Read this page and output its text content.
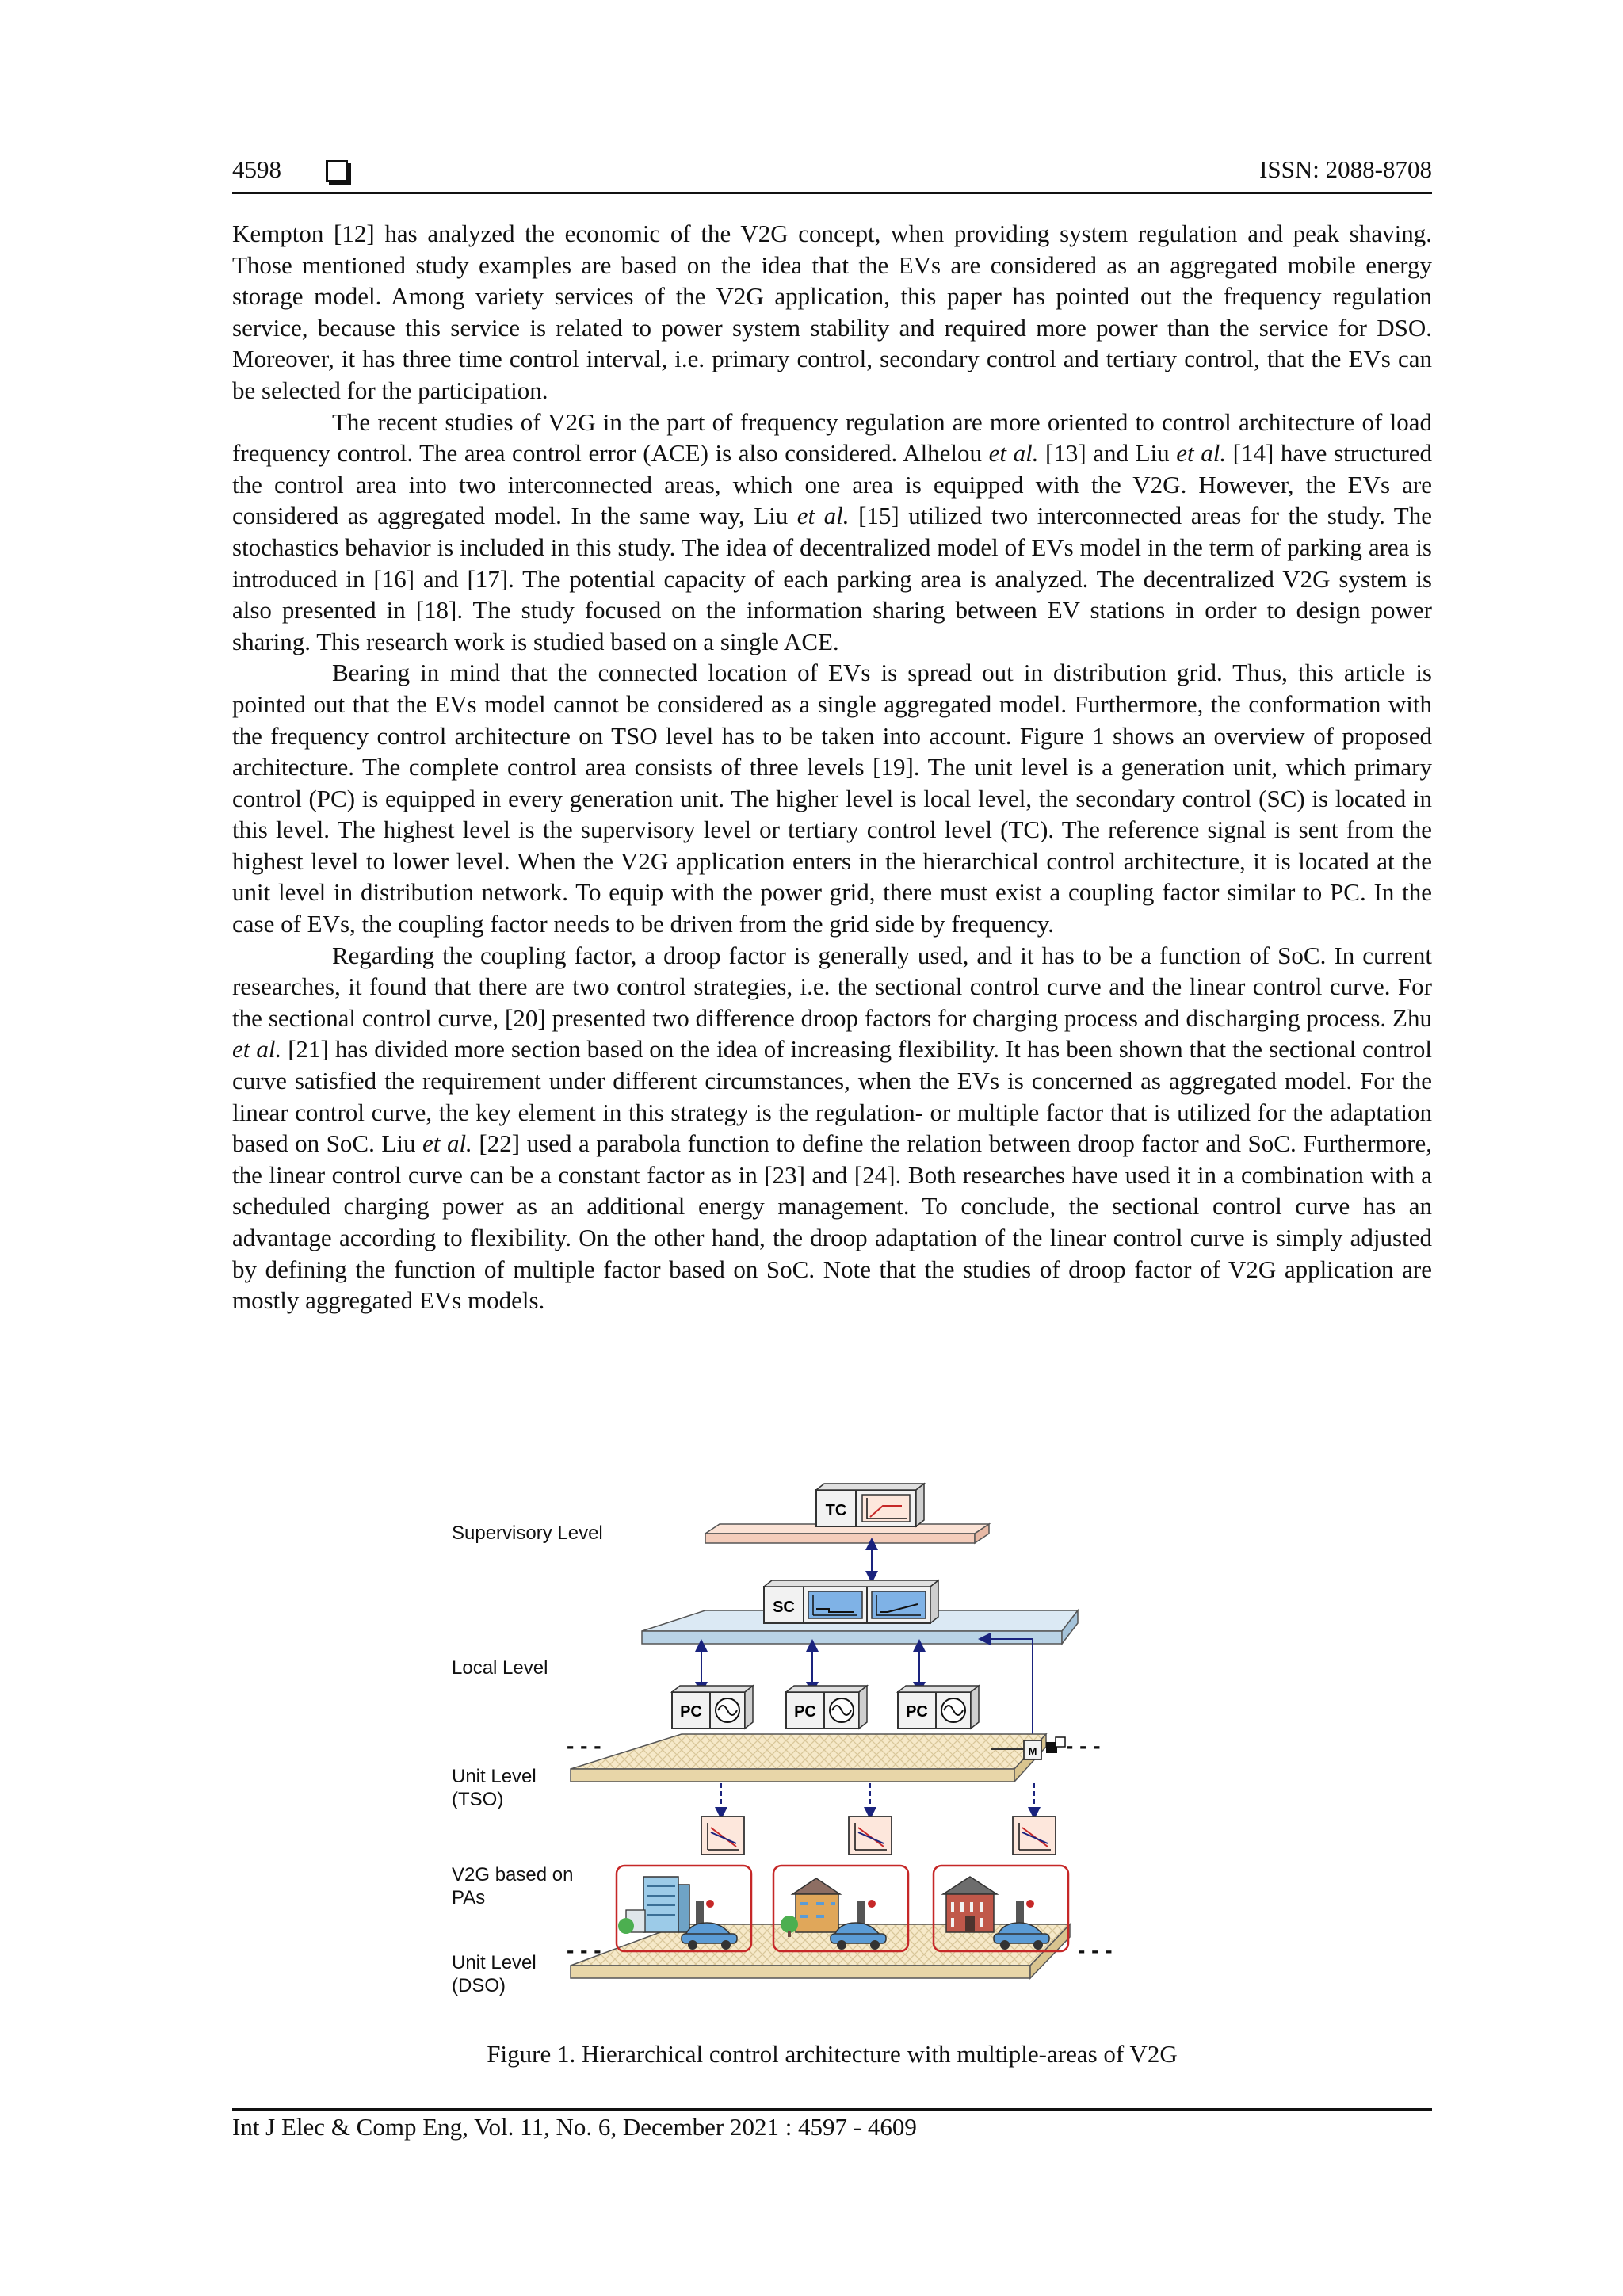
4598	ISSN: 2088-8708

Kempton [12] has analyzed the economic of the V2G concept, when providing system regulation and peak shaving. Those mentioned study examples are based on the idea that the EVs are considered as an aggregated mobile energy storage model. Among variety services of the V2G application, this paper has pointed out the frequency regulation service, because this service is related to power system stability and required more power than the service for DSO. Moreover, it has three time control interval, i.e. primary control, secondary control and tertiary control, that the EVs can be selected for the participation.

The recent studies of V2G in the part of frequency regulation are more oriented to control architecture of load frequency control. The area control error (ACE) is also considered. Alhelou et al. [13] and Liu et al. [14] have structured the control area into two interconnected areas, which one area is equipped with the V2G. However, the EVs are considered as aggregated model. In the same way, Liu et al. [15] utilized two interconnected areas for the study. The stochastics behavior is included in this study. The idea of decentralized model of EVs model in the term of parking area is introduced in [16] and [17]. The potential capacity of each parking area is analyzed. The decentralized V2G system is also presented in [18]. The study focused on the information sharing between EV stations in order to design power sharing. This research work is studied based on a single ACE.

Bearing in mind that the connected location of EVs is spread out in distribution grid. Thus, this article is pointed out that the EVs model cannot be considered as a single aggregated model. Furthermore, the conformation with the frequency control architecture on TSO level has to be taken into account. Figure 1 shows an overview of proposed architecture. The complete control area consists of three levels [19]. The unit level is a generation unit, which primary control (PC) is equipped in every generation unit. The higher level is local level, the secondary control (SC) is located in this level. The highest level is the supervisory level or tertiary control level (TC). The reference signal is sent from the highest level to lower level. When the V2G application enters in the hierarchical control architecture, it is located at the unit level in distribution network. To equip with the power grid, there must exist a coupling factor similar to PC. In the case of EVs, the coupling factor needs to be driven from the grid side by frequency.

Regarding the coupling factor, a droop factor is generally used, and it has to be a function of SoC. In current researches, it found that there are two control strategies, i.e. the sectional control curve and the linear control curve. For the sectional control curve, [20] presented two difference droop factors for charging process and discharging process. Zhu et al. [21] has divided more section based on the idea of increasing flexibility. It has been shown that the sectional control curve satisfied the requirement under different circumstances, when the EVs is concerned as aggregated model. For the linear control curve, the key element in this strategy is the regulation- or multiple factor that is utilized for the adaptation based on SoC. Liu et al. [22] used a parabola function to define the relation between droop factor and SoC. Furthermore, the linear control curve can be a constant factor as in [23] and [24]. Both researches have used it in a combination with a scheduled charging power as an additional energy management. To conclude, the sectional control curve has an advantage according to flexibility. On the other hand, the droop adaptation of the linear control curve is simply adjusted by defining the function of multiple factor based on SoC. Note that the studies of droop factor of V2G application are mostly aggregated EVs models.

Supervisory Level
Local Level
Unit Level
(TSO)
V2G based on
PAs
Unit Level
(DSO)
TC
SC
- - -	- - -
M
PC	PC	PC
- - -	- - -
Figure 1. Hierarchical control architecture with multiple-areas of V2G
Int J Elec & Comp Eng, Vol. 11, No. 6, December 2021 : 4597 - 4609
